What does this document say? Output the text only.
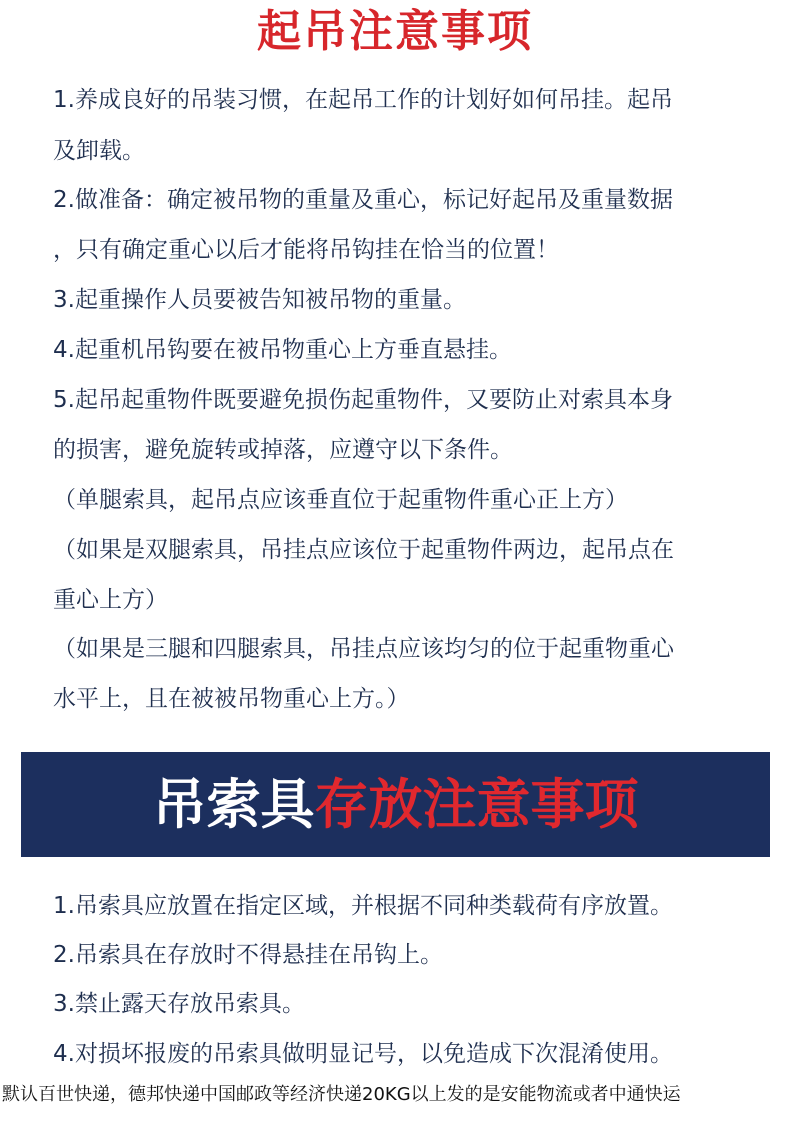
起吊注意事项
1.养成良好的吊装习惯，在起吊工作的计划好如何吊挂。起吊
及卸载。
2.做准备：确定被吊物的重量及重心，标记好起吊及重量数据
，只有确定重心以后才能将吊钩挂在恰当的位置！
3.起重操作人员要被告知被吊物的重量。
4.起重机吊钩要在被吊物重心上方垂直悬挂。
5.起吊起重物件既要避免损伤起重物件，又要防止对索具本身
的损害，避免旋转或掉落，应遵守以下条件。
（单腿索具，起吊点应该垂直位于起重物件重心正上方）
（如果是双腿索具，吊挂点应该位于起重物件两边，起吊点在
重心上方）
（如果是三腿和四腿索具，吊挂点应该均匀的位于起重物重心
水平上，且在被被吊物重心上方。）
吊索具存放注意事项
1.吊索具应放置在指定区域，并根据不同种类载荷有序放置。
2.吊索具在存放时不得悬挂在吊钩上。
3.禁止露天存放吊索具。
4.对损坏报废的吊索具做明显记号，以免造成下次混淆使用。
默认百世快递，德邦快递中国邮政等经济快递20KG以上发的是安能物流或者中通快运
